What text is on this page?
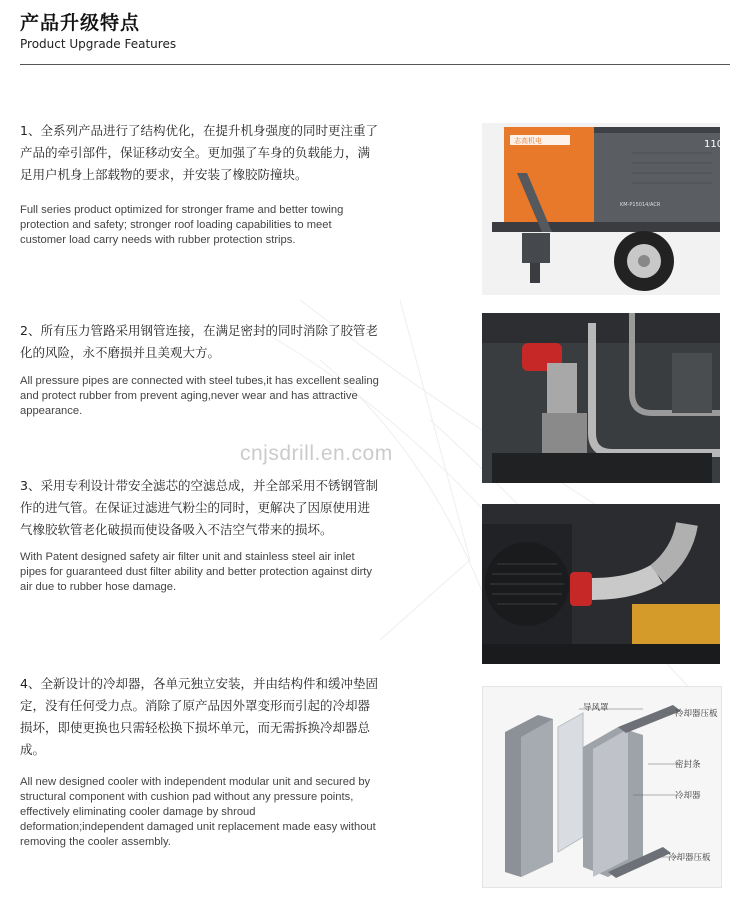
产品升级特点
Product Upgrade Features

1、全系列产品进行了结构优化，在提升机身强度的同时更注重了产品的牵引部件，保证移动安全。更加强了车身的负载能力，满足用户机身上部载物的要求，并安装了橡胶防撞块。

Full series product optimized for stronger frame and better towing protection and safety; stronger roof loading capabilities to meet customer load carry needs with rubber protection strips.

2、所有压力管路采用钢管连接，在满足密封的同时消除了胶管老化的风险，永不磨损并且美观大方。

All pressure pipes are connected with steel tubes,it has excellent sealing and protect rubber from prevent aging,never wear and has attractive appearance.

3、采用专利设计带安全滤芯的空滤总成，并全部采用不锈钢管制作的进气管。在保证过滤进气粉尘的同时，更解决了因原使用进气橡胶软管老化破损而使设备吸入不洁空气带来的损坏。

With Patent designed safety air filter unit and stainless steel air inlet pipes for guaranteed dust filter ability and better protection against dirty air due to rubber hose damage.

4、全新设计的冷却器，各单元独立安装，并由结构件和缓冲垫固定，没有任何受力点。消除了原产品因外罩变形而引起的冷却器损坏，即使更换也只需轻松换下损坏单元，而无需拆换冷却器总成。

All new designed cooler with independent modular unit and secured by structural component with cushion pad without any pressure points, effectively eliminating cooler damage by shroud deformation;independent damaged unit replacement made easy without removing the cooler assembly.

志高机电	110
KM-P15014/ACR
cnjsdrill.en.com
导风罩
冷却器压板
密封条
冷却器
冷却器压板
